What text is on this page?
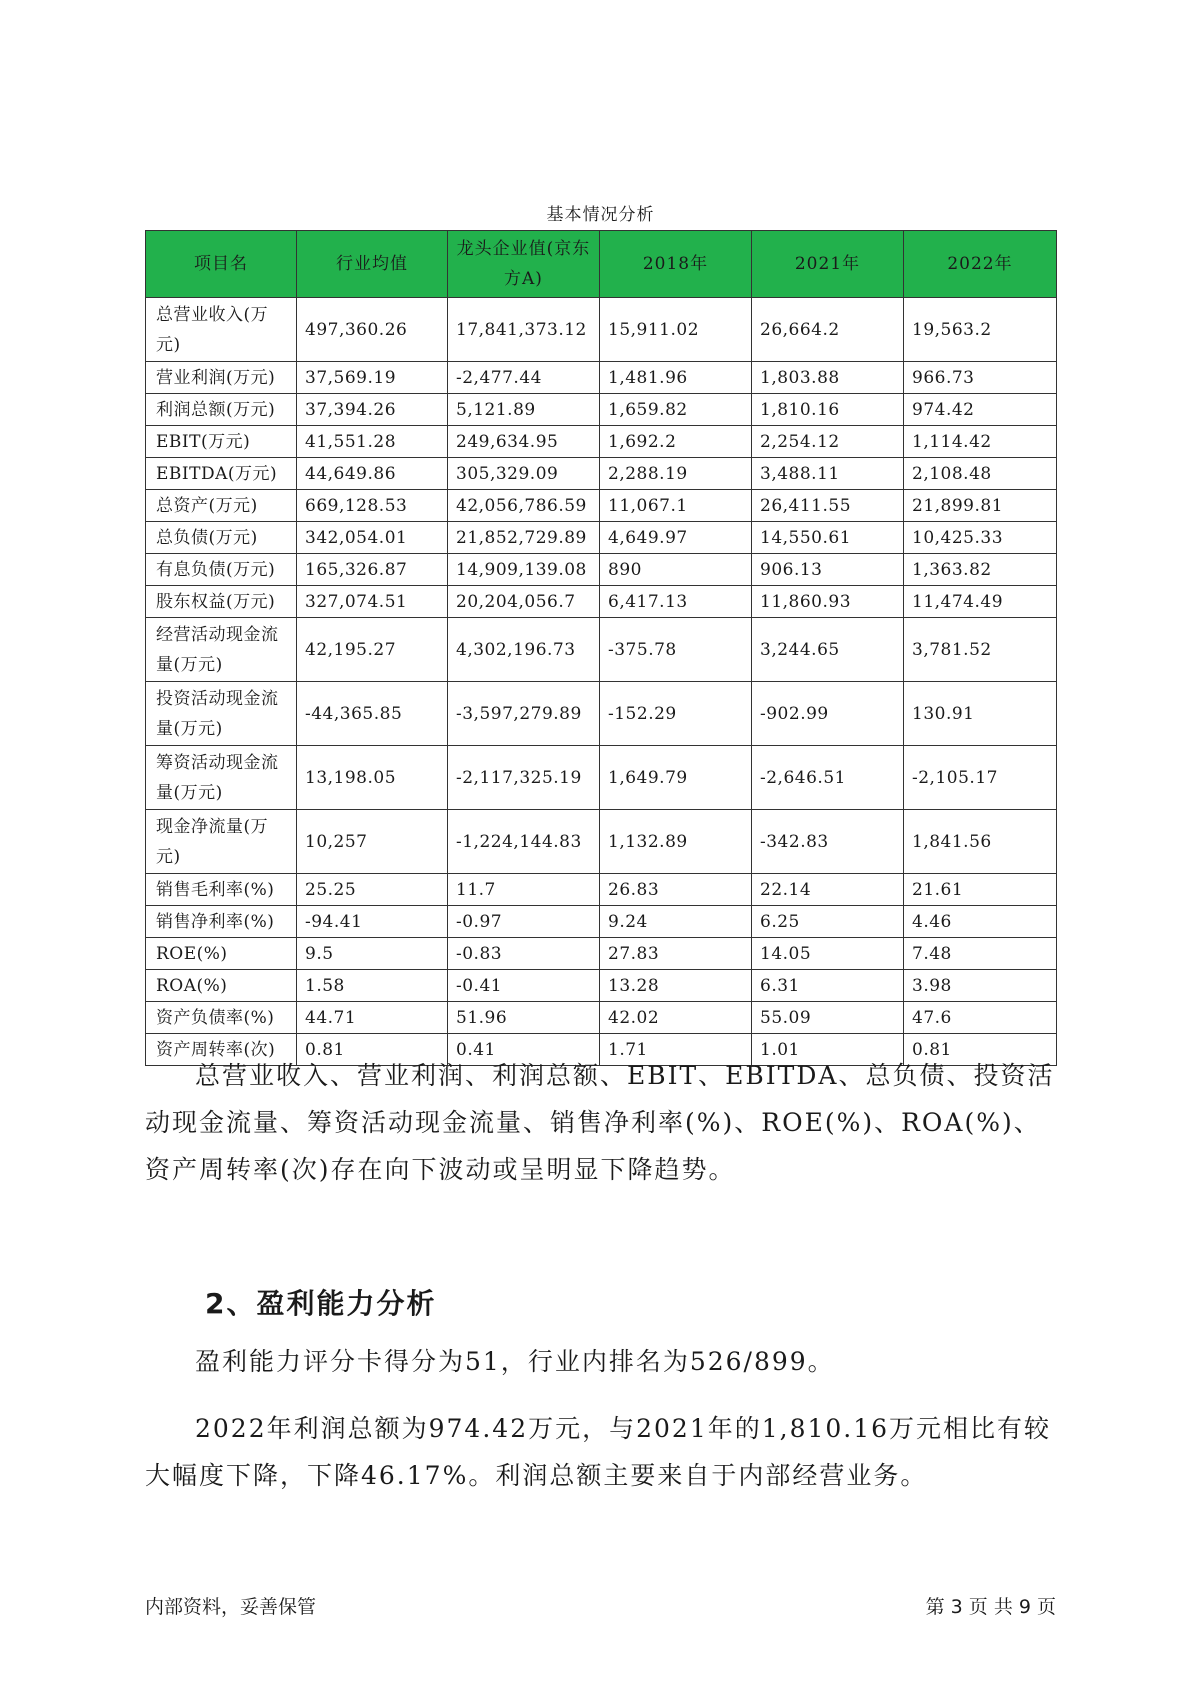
基本情况分析
项目名	行业均值	龙头企业值(京东方A)	2018年	2021年	2022年
总营业收入(万元)	497,360.26	17,841,373.12	15,911.02	26,664.2	19,563.2
营业利润(万元)	37,569.19	-2,477.44	1,481.96	1,803.88	966.73
利润总额(万元)	37,394.26	5,121.89	1,659.82	1,810.16	974.42
EBIT(万元)	41,551.28	249,634.95	1,692.2	2,254.12	1,114.42
EBITDA(万元)	44,649.86	305,329.09	2,288.19	3,488.11	2,108.48
总资产(万元)	669,128.53	42,056,786.59	11,067.1	26,411.55	21,899.81
总负债(万元)	342,054.01	21,852,729.89	4,649.97	14,550.61	10,425.33
有息负债(万元)	165,326.87	14,909,139.08	890	906.13	1,363.82
股东权益(万元)	327,074.51	20,204,056.7	6,417.13	11,860.93	11,474.49
经营活动现金流量(万元)	42,195.27	4,302,196.73	-375.78	3,244.65	3,781.52
投资活动现金流量(万元)	-44,365.85	-3,597,279.89	-152.29	-902.99	130.91
筹资活动现金流量(万元)	13,198.05	-2,117,325.19	1,649.79	-2,646.51	-2,105.17
现金净流量(万元)	10,257	-1,224,144.83	1,132.89	-342.83	1,841.56
销售毛利率(%)	25.25	11.7	26.83	22.14	21.61
销售净利率(%)	-94.41	-0.97	9.24	6.25	4.46
ROE(%)	9.5	-0.83	27.83	14.05	7.48
ROA(%)	1.58	-0.41	13.28	6.31	3.98
资产负债率(%)	44.71	51.96	42.02	55.09	47.6
资产周转率(次)	0.81	0.41	1.71	1.01	0.81

总营业收入、营业利润、利润总额、EBIT、EBITDA、总负债、投资活动现金流量、筹资活动现金流量、销售净利率(%)、ROE(%)、ROA(%)、资产周转率(次)存在向下波动或呈明显下降趋势。

2、盈利能力分析

盈利能力评分卡得分为51，行业内排名为526/899。

2022年利润总额为974.42万元，与2021年的1,810.16万元相比有较大幅度下降，下降46.17%。利润总额主要来自于内部经营业务。

内部资料，妥善保管	第 3 页 共 9 页
